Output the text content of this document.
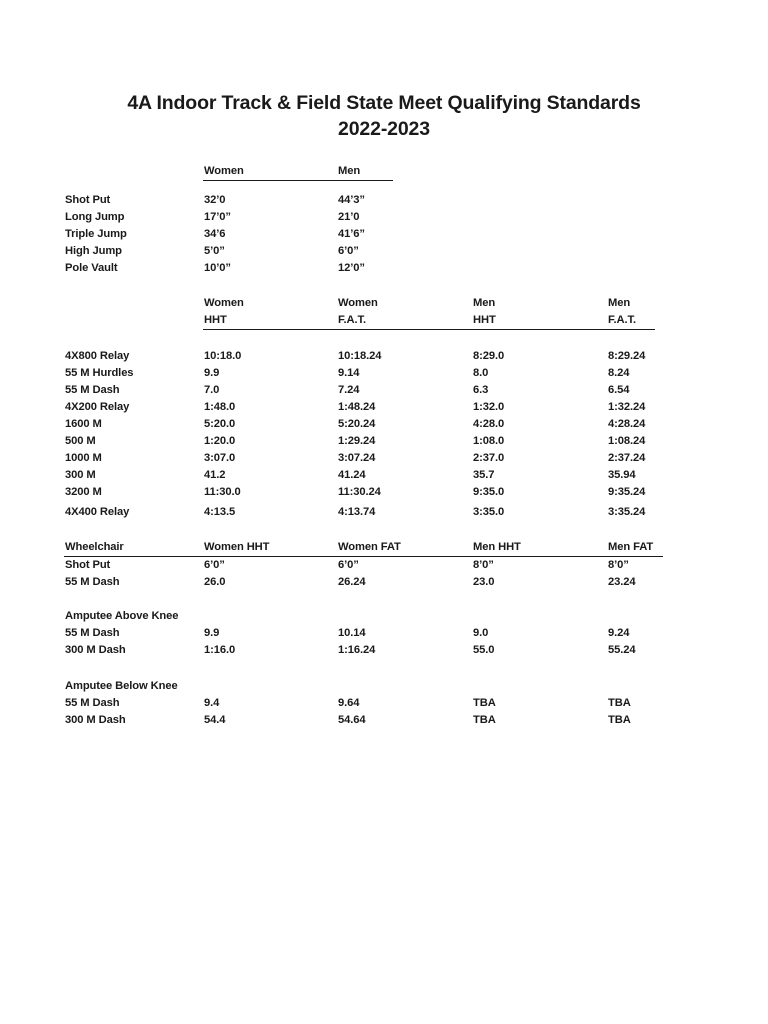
4A Indoor Track & Field State Meet Qualifying Standards
2022-2023
Women	Men
Shot Put	32’0	44’3”
Long Jump	17’0”	21’0
Triple Jump	34’6	41’6”
High Jump	5’0”	6’0”
Pole Vault	10’0”	12’0”
Women	Women	Men	Men
HHT	F.A.T.	HHT	F.A.T.
4X800 Relay	10:18.0	10:18.24	8:29.0	8:29.24
55 M Hurdles	9.9	9.14	8.0	8.24
55 M Dash	7.0	7.24	6.3	6.54
4X200 Relay	1:48.0	1:48.24	1:32.0	1:32.24
1600 M	5:20.0	5:20.24	4:28.0	4:28.24
500 M	1:20.0	1:29.24	1:08.0	1:08.24
1000 M	3:07.0	3:07.24	2:37.0	2:37.24
300 M	41.2	41.24	35.7	35.94
3200 M	11:30.0	11:30.24	9:35.0	9:35.24
4X400 Relay	4:13.5	4:13.74	3:35.0	3:35.24
Wheelchair	Women HHT	Women FAT	Men HHT	Men FAT
Shot Put	6’0”	6’0”	8’0”	8’0”
55 M Dash	26.0	26.24	23.0	23.24
Amputee Above Knee
55 M Dash	9.9	10.14	9.0	9.24
300 M Dash	1:16.0	1:16.24	55.0	55.24
Amputee Below Knee
55 M Dash	9.4	9.64	TBA	TBA
300 M Dash	54.4	54.64	TBA	TBA
